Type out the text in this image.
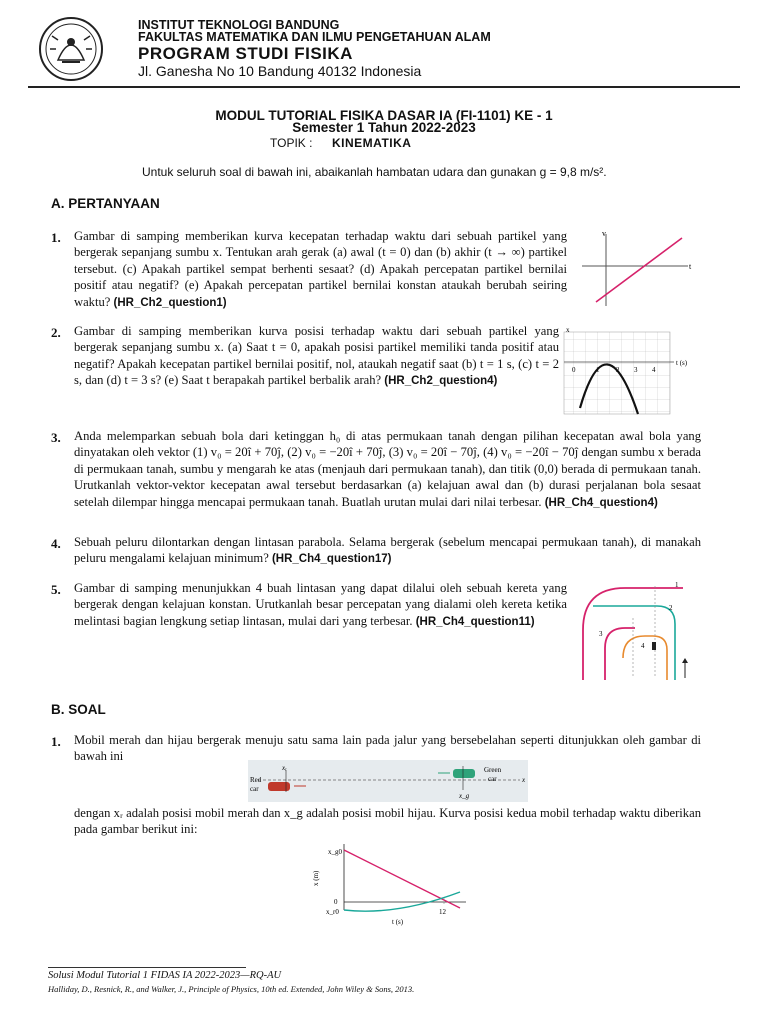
INSTITUT TEKNOLOGI BANDUNG
FAKULTAS MATEMATIKA DAN ILMU PENGETAHUAN ALAM
PROGRAM STUDI FISIKA
Jl. Ganesha No 10 Bandung 40132 Indonesia
MODUL TUTORIAL FISIKA DASAR IA (FI-1101) KE - 1
Semester 1 Tahun 2022-2023
TOPIK : KINEMATIKA
Untuk seluruh soal di bawah ini, abaikanlah hambatan udara dan gunakan g = 9,8 m/s².
A. PERTANYAAN
1. Gambar di samping memberikan kurva kecepatan terhadap waktu dari sebuah partikel yang bergerak sepanjang sumbu x. Tentukan arah gerak (a) awal (t = 0) dan (b) akhir (t → ∞) partikel tersebut. (c) Apakah partikel sempat berhenti sesaat? (d) Apakah percepatan partikel bernilai positif atau negatif? (e) Apakah percepatan partikel bernilai konstan ataukah berubah seiring waktu? (HR_Ch2_question1)
v
t
2. Gambar di samping memberikan kurva posisi terhadap waktu dari sebuah partikel yang bergerak sepanjang sumbu x. (a) Saat t = 0, apakah posisi partikel memiliki tanda positif atau negatif? Apakah kecepatan partikel bernilai positif, nol, ataukah negatif saat (b) t = 1 s, (c) t = 2 s, dan (d) t = 3 s? (e) Saat t berapakah partikel berbalik arah? (HR_Ch2_question4)
x
t (s)
0	1 2 3 4
3. Anda melemparkan sebuah bola dari ketinggan h₀ di atas permukaan tanah dengan pilihan kecepatan awal bola yang dinyatakan oleh vektor (1) v₀ = 20î + 70ĵ, (2) v₀ = −20î + 70ĵ, (3) v₀ = 20î − 70ĵ, (4) v₀ = −20î − 70ĵ dengan sumbu x berada di permukaan tanah, sumbu y mengarah ke atas (menjauh dari permukaan tanah), dan titik (0,0) berada di permukaan tanah. Urutkanlah vektor-vektor kecepatan awal tersebut berdasarkan (a) kelajuan awal dan (b) durasi perjalanan bola sesaat setelah dilempar hingga mencapai permukaan tanah. Buatlah urutan mulai dari nilai terbesar. (HR_Ch4_question4)
4. Sebuah peluru dilontarkan dengan lintasan parabola. Selama bergerak (sebelum mencapai permukaan tanah), di manakah peluru mengalami kelajuan minimum? (HR_Ch4_question17)
5. Gambar di samping menunjukkan 4 buah lintasan yang dapat dilalui oleh sebuah kereta yang bergerak dengan kelajuan konstan. Urutkanlah besar percepatan yang dialami oleh kereta ketika melintasi bagian lengkung setiap lintasan, mulai dari yang terbesar. (HR_Ch4_question11)
1
2
3
4
B. SOAL
1. Mobil merah dan hijau bergerak menuju satu sama lain pada jalur yang bersebelahan seperti ditunjukkan oleh gambar di bawah ini
Red
car
Green
car
xᵣ
x_g
x
dengan xᵣ adalah posisi mobil merah dan x_g adalah posisi mobil hijau. Kurva posisi kedua mobil terhadap waktu diberikan pada gambar berikut ini:
x_g0
x_r0
0
12
t (s)
x (m)
Solusi Modul Tutorial 1 FIDAS IA 2022-2023—RQ-AU
Halliday, D., Resnick, R., and Walker, J., Principle of Physics, 10th ed. Extended, John Wiley & Sons, 2013.
